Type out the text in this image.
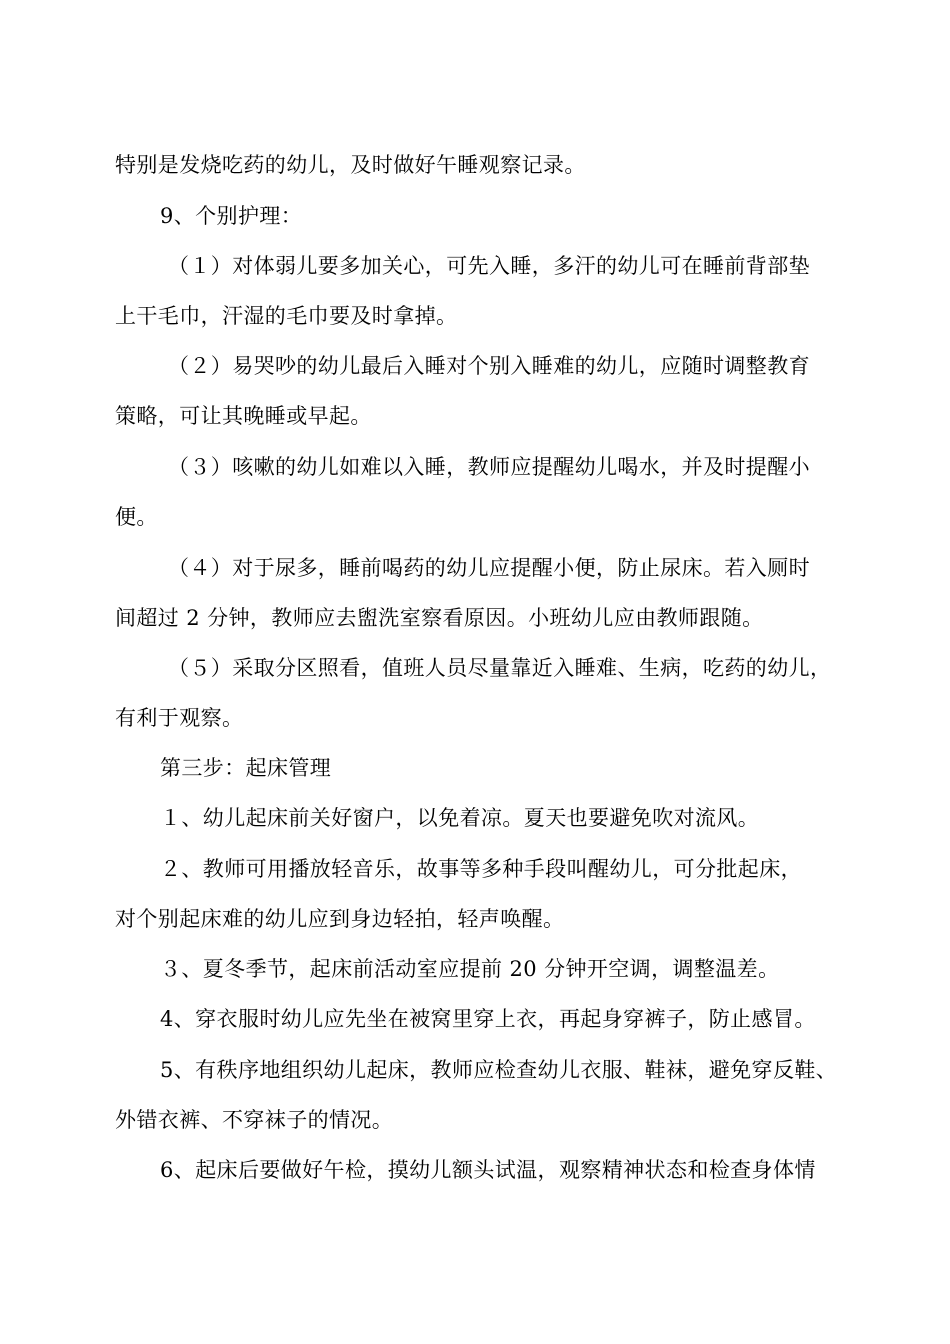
特别是发烧吃药的幼儿，及时做好午睡观察记录。
9、个别护理：
（１）对体弱儿要多加关心，可先入睡，多汗的幼儿可在睡前背部垫
上干毛巾，汗湿的毛巾要及时拿掉。
（２）易哭吵的幼儿最后入睡对个别入睡难的幼儿，应随时调整教育
策略，可让其晚睡或早起。
（３）咳嗽的幼儿如难以入睡，教师应提醒幼儿喝水，并及时提醒小
便。
（４）对于尿多，睡前喝药的幼儿应提醒小便，防止尿床。若入厕时
间超过 2 分钟，教师应去盥洗室察看原因。小班幼儿应由教师跟随。
（５）采取分区照看，值班人员尽量靠近入睡难、生病，吃药的幼儿，
有利于观察。
第三步：起床管理
１、幼儿起床前关好窗户，以免着凉。夏天也要避免吹对流风。
２、教师可用播放轻音乐，故事等多种手段叫醒幼儿，可分批起床，
对个别起床难的幼儿应到身边轻拍，轻声唤醒。
３、夏冬季节，起床前活动室应提前 20 分钟开空调，调整温差。
4、穿衣服时幼儿应先坐在被窝里穿上衣，再起身穿裤子，防止感冒。
5、有秩序地组织幼儿起床，教师应检查幼儿衣服、鞋袜，避免穿反鞋、
外错衣裤、不穿袜子的情况。
6、起床后要做好午检，摸幼儿额头试温，观察精神状态和检查身体情
